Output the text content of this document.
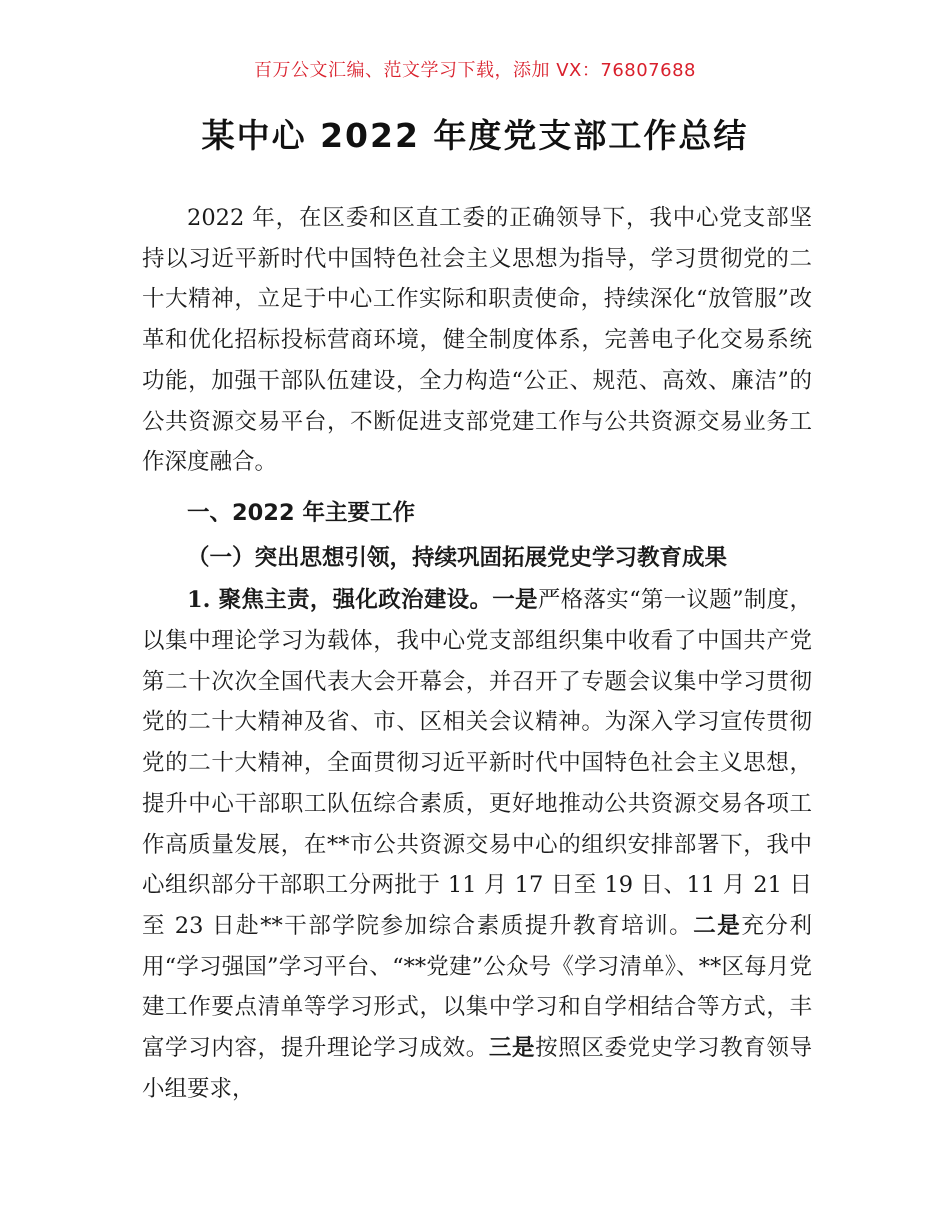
百万公文汇编、范文学习下载，添加 VX：76807688
某中心 2022 年度党支部工作总结

2022 年，在区委和区直工委的正确领导下，我中心党支部坚持以习近平新时代中国特色社会主义思想为指导，学习贯彻党的二十大精神，立足于中心工作实际和职责使命，持续深化“放管服”改革和优化招标投标营商环境，健全制度体系，完善电子化交易系统功能，加强干部队伍建设，全力构造“公正、规范、高效、廉洁”的公共资源交易平台，不断促进支部党建工作与公共资源交易业务工作深度融合。

一、2022 年主要工作

（一）突出思想引领，持续巩固拓展党史学习教育成果

1. 聚焦主责，强化政治建设。一是严格落实“第一议题”制度，以集中理论学习为载体，我中心党支部组织集中收看了中国共产党第二十次次全国代表大会开幕会，并召开了专题会议集中学习贯彻党的二十大精神及省、市、区相关会议精神。为深入学习宣传贯彻党的二十大精神，全面贯彻习近平新时代中国特色社会主义思想，提升中心干部职工队伍综合素质，更好地推动公共资源交易各项工作高质量发展，在**市公共资源交易中心的组织安排部署下，我中心组织部分干部职工分两批于 11 月 17 日至 19 日、11 月 21 日至 23 日赴**干部学院参加综合素质提升教育培训。二是充分利用“学习强国”学习平台、“**党建”公众号《学习清单》、**区每月党建工作要点清单等学习形式，以集中学习和自学相结合等方式，丰富学习内容，提升理论学习成效。三是按照区委党史学习教育领导小组要求，
